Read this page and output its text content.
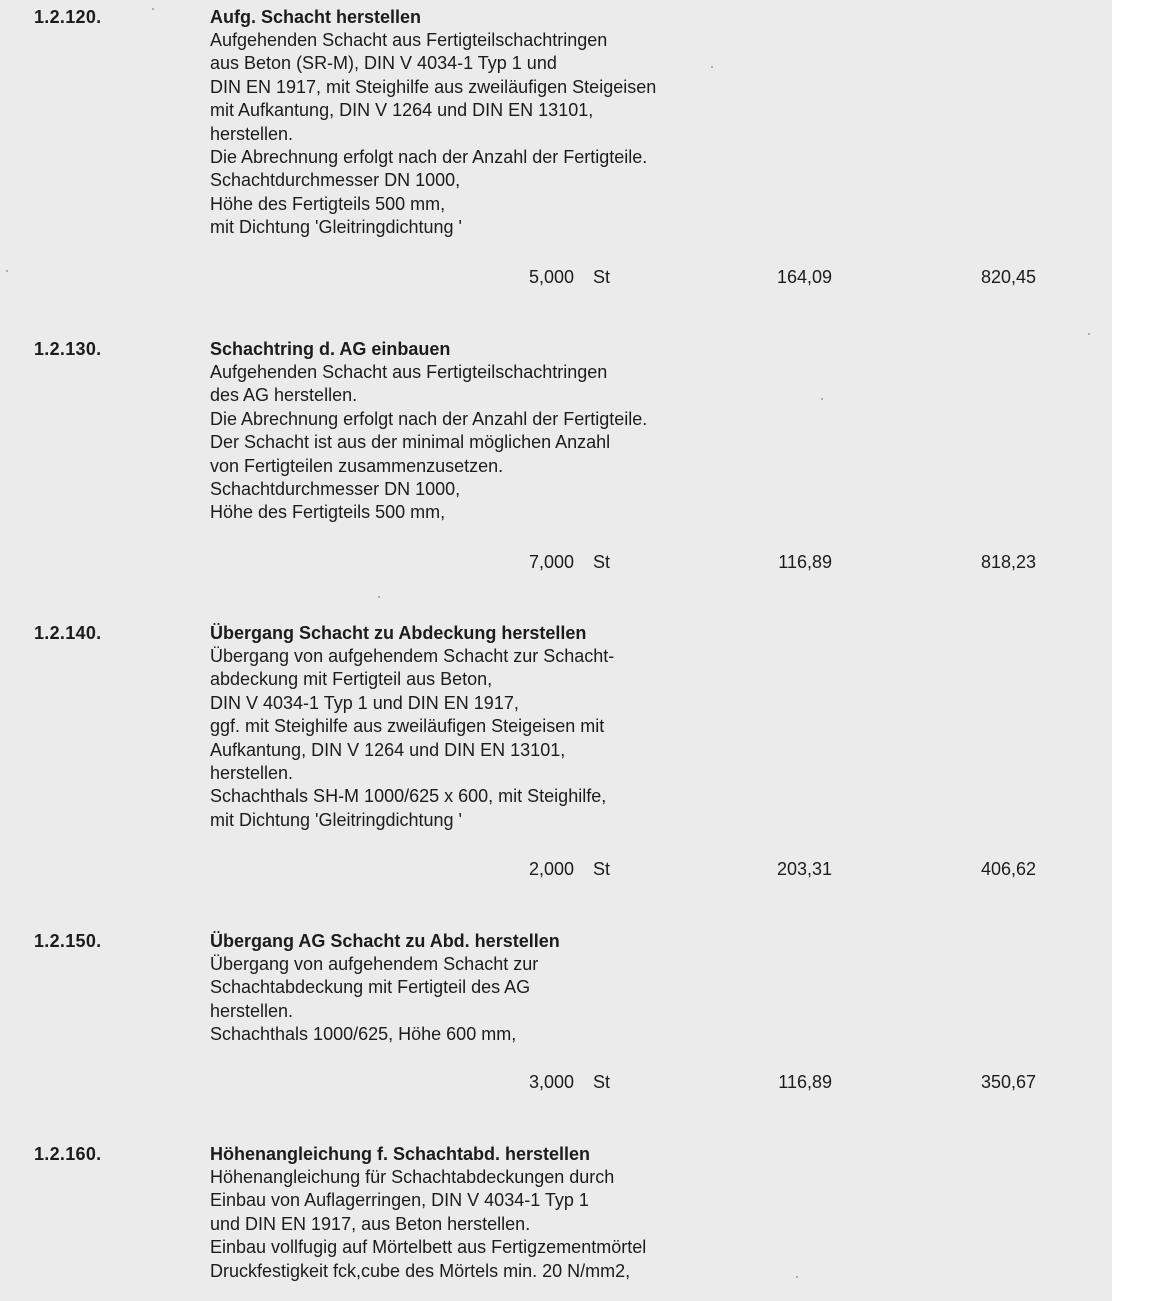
1.2.120.	Aufg. Schacht herstellen
Aufgehenden Schacht aus Fertigteilschachtringen
aus Beton (SR-M), DIN V 4034-1 Typ 1 und
DIN EN 1917, mit Steighilfe aus zweiläufigen Steigeisen
mit Aufkantung, DIN V 1264 und DIN EN 13101,
herstellen.
Die Abrechnung erfolgt nach der Anzahl der Fertigteile.
Schachtdurchmesser DN 1000,
Höhe des Fertigteils 500 mm,
mit Dichtung 'Gleitringdichtung '
5,000 St	164,09	820,45
1.2.130.	Schachtring d. AG einbauen
Aufgehenden Schacht aus Fertigteilschachtringen
des AG herstellen.
Die Abrechnung erfolgt nach der Anzahl der Fertigteile.
Der Schacht ist aus der minimal möglichen Anzahl
von Fertigteilen zusammenzusetzen.
Schachtdurchmesser DN 1000,
Höhe des Fertigteils 500 mm,
7,000 St	116,89	818,23
1.2.140.	Übergang Schacht zu Abdeckung herstellen
Übergang von aufgehendem Schacht zur Schacht-
abdeckung mit Fertigteil aus Beton,
DIN V 4034-1 Typ 1 und DIN EN 1917,
ggf. mit Steighilfe aus zweiläufigen Steigeisen mit
Aufkantung, DIN V 1264 und DIN EN 13101,
herstellen.
Schachthals SH-M 1000/625 x 600, mit Steighilfe,
mit Dichtung 'Gleitringdichtung '
2,000 St	203,31	406,62
1.2.150.	Übergang AG Schacht zu Abd. herstellen
Übergang von aufgehendem Schacht zur
Schachtabdeckung mit Fertigteil des AG
herstellen.
Schachthals 1000/625, Höhe 600 mm,
3,000 St	116,89	350,67
1.2.160.	Höhenangleichung f. Schachtabd. herstellen
Höhenangleichung für Schachtabdeckungen durch
Einbau von Auflagerringen, DIN V 4034-1 Typ 1
und DIN EN 1917, aus Beton herstellen.
Einbau vollfugig auf Mörtelbett aus Fertigzementmörtel
Druckfestigkeit fck,cube des Mörtels min. 20 N/mm2,
